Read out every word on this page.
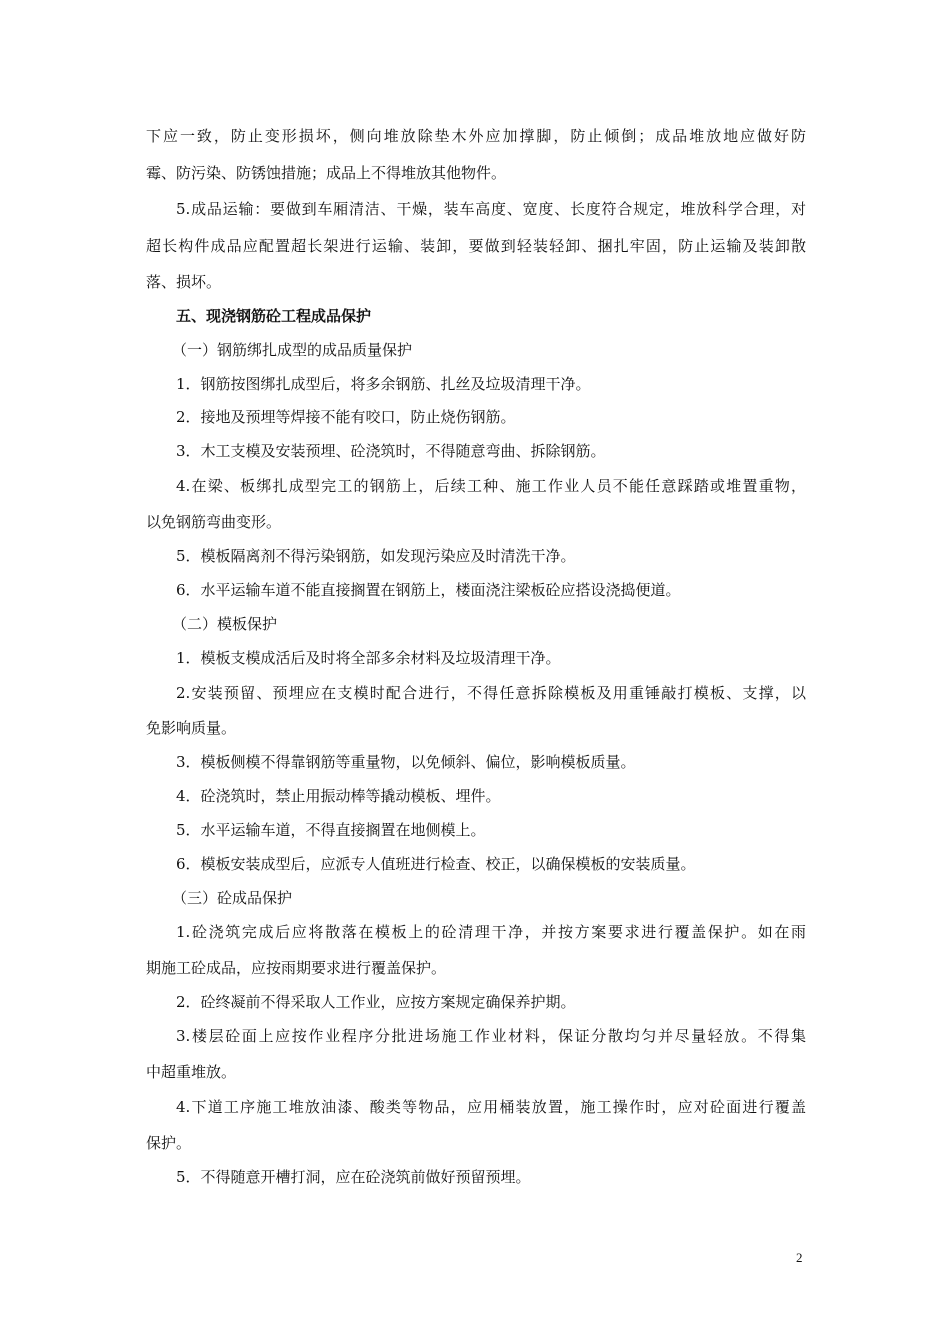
下应一致，防止变形损坏，侧向堆放除垫木外应加撑脚，防止倾倒；成品堆放地应做好防
霉、防污染、防锈蚀措施；成品上不得堆放其他物件。
5.成品运输：要做到车厢清洁、干燥，装车高度、宽度、长度符合规定，堆放科学合理，对
超长构件成品应配置超长架进行运输、装卸，要做到轻装轻卸、捆扎牢固，防止运输及装卸散
落、损坏。
五、现浇钢筋砼工程成品保护
（一）钢筋绑扎成型的成品质量保护
1．钢筋按图绑扎成型后，将多余钢筋、扎丝及垃圾清理干净。
2．接地及预埋等焊接不能有咬口，防止烧伤钢筋。
3．木工支模及安装预埋、砼浇筑时，不得随意弯曲、拆除钢筋。
4.在梁、板绑扎成型完工的钢筋上，后续工种、施工作业人员不能任意踩踏或堆置重物，
以免钢筋弯曲变形。
5．模板隔离剂不得污染钢筋，如发现污染应及时清洗干净。
6．水平运输车道不能直接搁置在钢筋上，楼面浇注梁板砼应搭设浇捣便道。
（二）模板保护
1．模板支模成活后及时将全部多余材料及垃圾清理干净。
2.安装预留、预埋应在支模时配合进行，不得任意拆除模板及用重锤敲打模板、支撑，以
免影响质量。
3．模板侧模不得靠钢筋等重量物，以免倾斜、偏位，影响模板质量。
4．砼浇筑时，禁止用振动棒等撬动模板、埋件。
5．水平运输车道，不得直接搁置在地侧模上。
6．模板安装成型后，应派专人值班进行检查、校正，以确保模板的安装质量。
（三）砼成品保护
1.砼浇筑完成后应将散落在模板上的砼清理干净，并按方案要求进行覆盖保护。如在雨
期施工砼成品，应按雨期要求进行覆盖保护。
2．砼终凝前不得采取人工作业，应按方案规定确保养护期。
3.楼层砼面上应按作业程序分批进场施工作业材料，保证分散均匀并尽量轻放。不得集
中超重堆放。
4.下道工序施工堆放油漆、酸类等物品，应用桶装放置，施工操作时，应对砼面进行覆盖
保护。
5．不得随意开槽打洞，应在砼浇筑前做好预留预埋。
2
